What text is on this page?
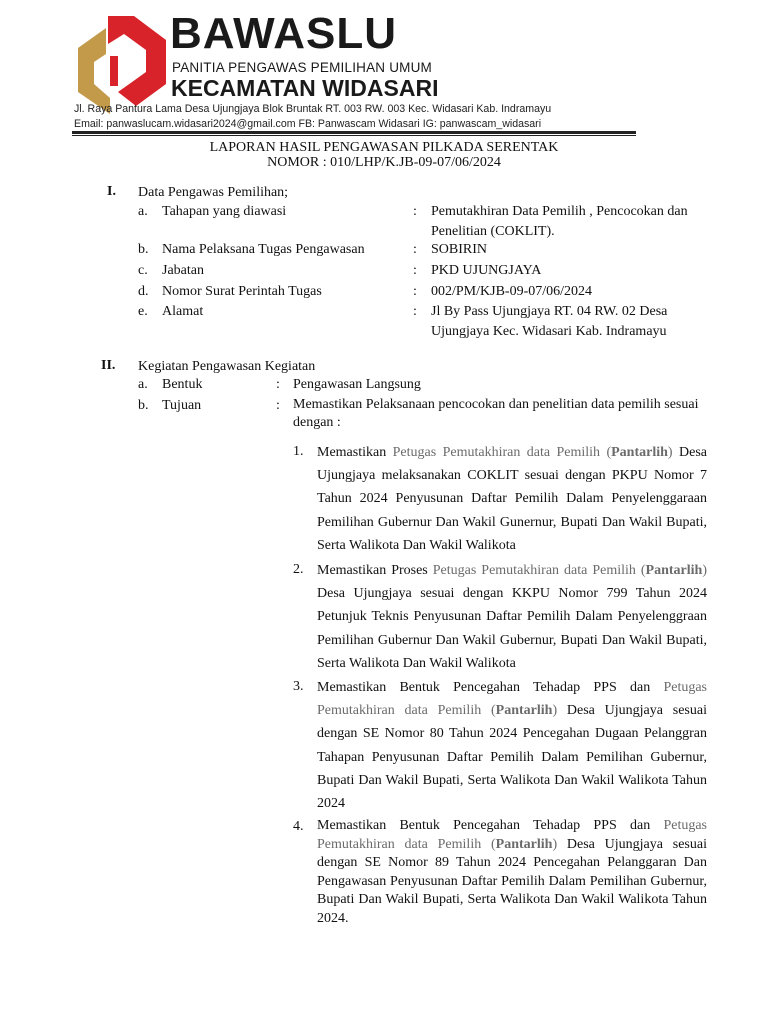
BAWASLU
PANITIA PENGAWAS PEMILIHAN UMUM
KECAMATAN WIDASARI
Jl. Raya Pantura Lama Desa Ujungjaya Blok Bruntak RT. 003 RW. 003 Kec. Widasari Kab. Indramayu
Email: panwaslucam.widasari2024@gmail.com FB: Panwascam Widasari IG: panwascam_widasari
LAPORAN HASIL PENGAWASAN PILKADA SERENTAK
NOMOR : 010/LHP/K.JB-09-07/06/2024
I. Data Pengawas Pemilihan;
a. Tahapan yang diawasi	: Pemutakhiran Data Pemilih , Pencocokan dan Penelitian (COKLIT).
b. Nama Pelaksana Tugas Pengawasan	: SOBIRIN
c. Jabatan	: PKD UJUNGJAYA
d. Nomor Surat Perintah Tugas	: 002/PM/KJB-09-07/06/2024
e. Alamat	: Jl By Pass Ujungjaya RT. 04 RW. 02 Desa Ujungjaya Kec. Widasari Kab. Indramayu
II. Kegiatan Pengawasan Kegiatan
a. Bentuk	: Pengawasan Langsung
b. Tujuan	: Memastikan Pelaksanaan pencocokan dan penelitian data pemilih sesuai dengan :
1. Memastikan Petugas Pemutakhiran data Pemilih (Pantarlih) Desa Ujungjaya melaksanakan COKLIT sesuai dengan PKPU Nomor 7 Tahun 2024 Penyusunan Daftar Pemilih Dalam Penyelenggaraan Pemilihan Gubernur Dan Wakil Gunernur, Bupati Dan Wakil Bupati, Serta Walikota Dan Wakil Walikota
2. Memastikan Proses Petugas Pemutakhiran data Pemilih (Pantarlih) Desa Ujungjaya sesuai dengan KKPU Nomor 799 Tahun 2024 Petunjuk Teknis Penyusunan Daftar Pemilih Dalam Penyelenggraan Pemilihan Gubernur Dan Wakil Gubernur, Bupati Dan Wakil Bupati, Serta Walikota Dan Wakil Walikota
3. Memastikan Bentuk Pencegahan Tehadap PPS dan Petugas Pemutakhiran data Pemilih (Pantarlih) Desa Ujungjaya sesuai dengan SE Nomor 80 Tahun 2024 Pencegahan Dugaan Pelanggran Tahapan Penyusunan Daftar Pemilih Dalam Pemilihan Gubernur, Bupati Dan Wakil Bupati, Serta Walikota Dan Wakil Walikota Tahun 2024
4. Memastikan Bentuk Pencegahan Tehadap PPS dan Petugas Pemutakhiran data Pemilih (Pantarlih) Desa Ujungjaya sesuai dengan SE Nomor 89 Tahun 2024 Pencegahan Pelanggaran Dan Pengawasan Penyusunan Daftar Pemilih Dalam Pemilihan Gubernur, Bupati Dan Wakil Bupati, Serta Walikota Dan Wakil Walikota Tahun 2024.
